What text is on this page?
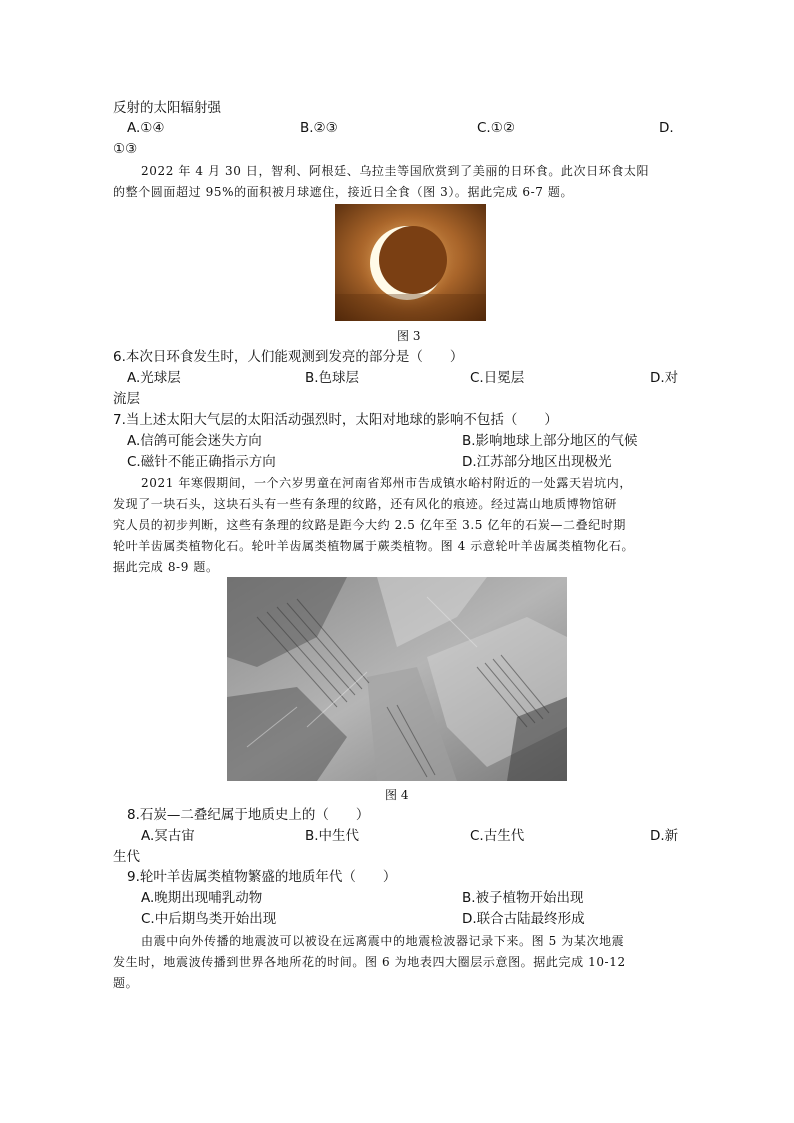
反射的太阳辐射强
A.①④	B.②③	C.①②	D.
①③
2022 年 4 月 30 日，智利、阿根廷、乌拉圭等国欣赏到了美丽的日环食。此次日环食太阳
的整个圆面超过 95%的面积被月球遮住，接近日全食（图 3）。据此完成 6-7 题。
图 3
6.本次日环食发生时，人们能观测到发亮的部分是（　　）
A.光球层	B.色球层	C.日冕层	D.对
流层
7.当上述太阳大气层的太阳活动强烈时，太阳对地球的影响不包括（　　）
A.信鸽可能会迷失方向	B.影响地球上部分地区的气候
C.磁针不能正确指示方向	D.江苏部分地区出现极光
2021 年寒假期间，一个六岁男童在河南省郑州市告成镇水峪村附近的一处露天岩坑内，
发现了一块石头，这块石头有一些有条理的纹路，还有风化的痕迹。经过嵩山地质博物馆研
究人员的初步判断，这些有条理的纹路是距今大约 2.5 亿年至 3.5 亿年的石炭—二叠纪时期
轮叶羊齿属类植物化石。轮叶羊齿属类植物属于蕨类植物。图 4 示意轮叶羊齿属类植物化石。
据此完成 8-9 题。
图 4
8.石炭—二叠纪属于地质史上的（　　）
A.冥古宙	B.中生代	C.古生代	D.新
生代
9.轮叶羊齿属类植物繁盛的地质年代（　　）
A.晚期出现哺乳动物	B.被子植物开始出现
C.中后期鸟类开始出现	D.联合古陆最终形成
由震中向外传播的地震波可以被设在远离震中的地震检波器记录下来。图 5 为某次地震
发生时，地震波传播到世界各地所花的时间。图 6 为地表四大圈层示意图。据此完成 10-12
题。
